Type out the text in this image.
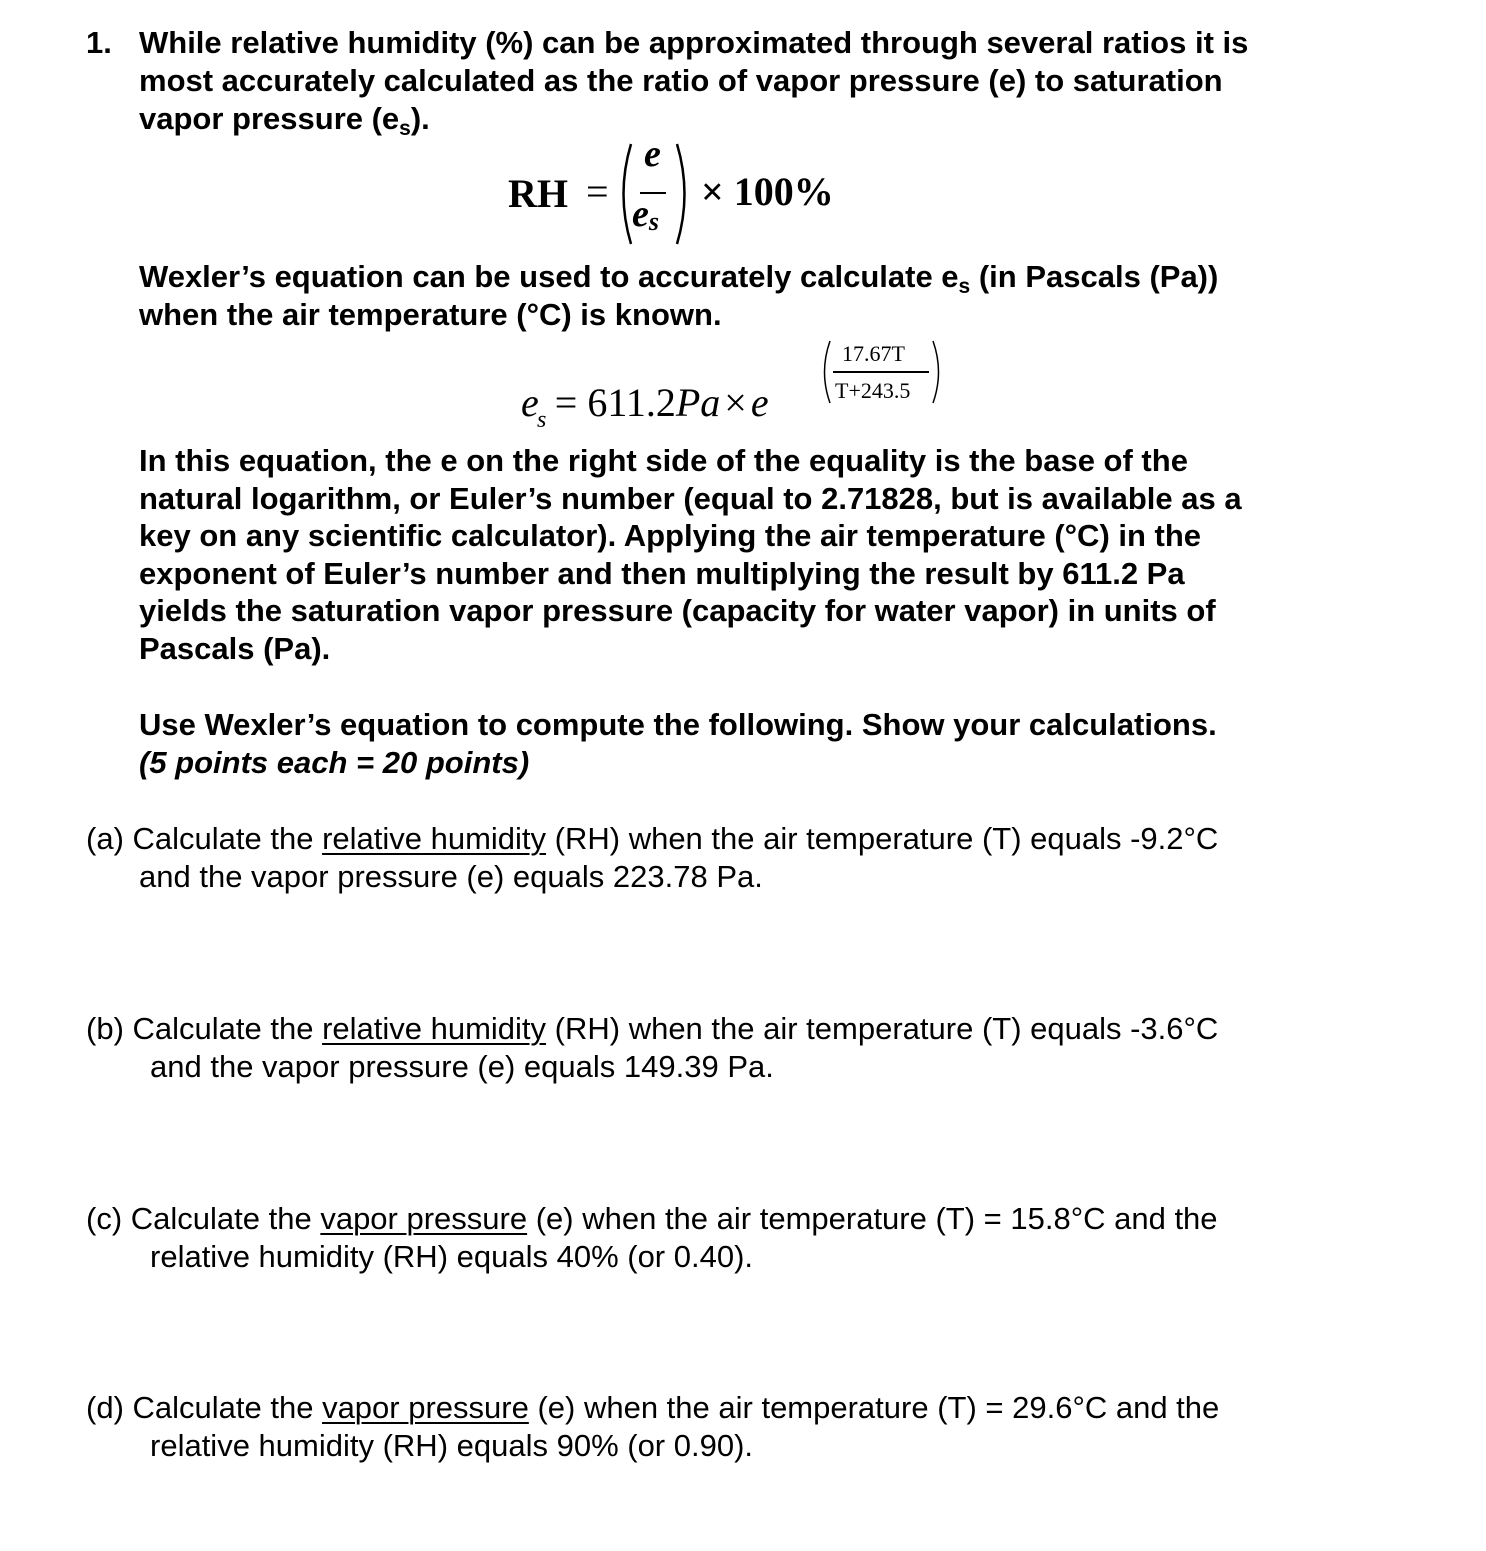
1. While relative humidity (%) can be approximated through several ratios it is
most accurately calculated as the ratio of vapor pressure (e) to saturation
vapor pressure $(e_s)$.
RH =
e
$e_s$
× 100%
Wexler’s equation can be used to accurately calculate $e_s$ (in Pascals (Pa))
when the air temperature (°C) is known.
e = 611.2Pa × e
s
17.67T
T+243.5
In this equation, the e on the right side of the equality is the base of the
natural logarithm, or Euler’s number (equal to 2.71828, but is available as a
key on any scientific calculator). Applying the air temperature (°C) in the
exponent of Euler’s number and then multiplying the result by 611.2 Pa
yields the saturation vapor pressure (capacity for water vapor) in units of
Pascals (Pa).
Use Wexler’s equation to compute the following. Show your calculations.
(5 points each = 20 points)
(a) Calculate the relative humidity (RH) when the air temperature (T) equals -9.2°C
and the vapor pressure (e) equals 223.78 Pa.
(b) Calculate the relative humidity (RH) when the air temperature (T) equals -3.6°C
and the vapor pressure (e) equals 149.39 Pa.
(c) Calculate the vapor pressure (e) when the air temperature (T) = 15.8°C and the
relative humidity (RH) equals 40% (or 0.40).
(d) Calculate the vapor pressure (e) when the air temperature (T) = 29.6°C and the
relative humidity (RH) equals 90% (or 0.90).
